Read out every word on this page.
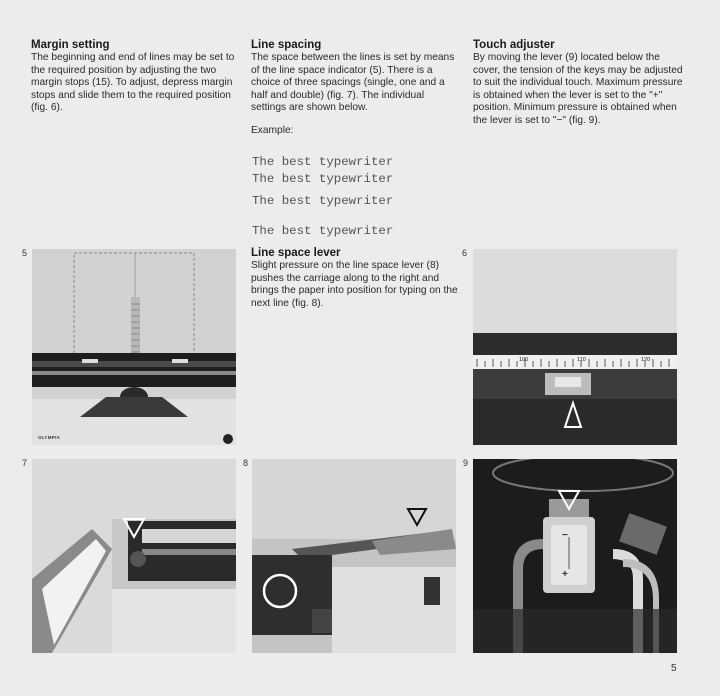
Margin setting

The beginning and end of lines may be set to the required position by adjusting the two margin stops (15). To adjust, depress margin stops and slide them to the required position (fig. 6).

Line spacing

The space between the lines is set by means of the line space indicator (5). There is a choice of three spacings (single, one and a half and double) (fig. 7). The individual settings are shown below.

Example:

The best typewriter
The best typewriter
The best typewriter
The best typewriter
Touch adjuster

By moving the lever (9) located below the cover, the tension of the keys may be adjusted to suit the individual touch. Maximum pressure is obtained when the lever is set to the "+" position. Minimum pressure is obtained when the lever is set to "−" (fig. 9).

Line space lever

Slight pressure on the line space lever (8) pushes the carriage along to the right and brings the paper into position for typing on the next line (fig. 8).

5	6
7	8	9
OLYMPIA
100	110	120
−
+
5
